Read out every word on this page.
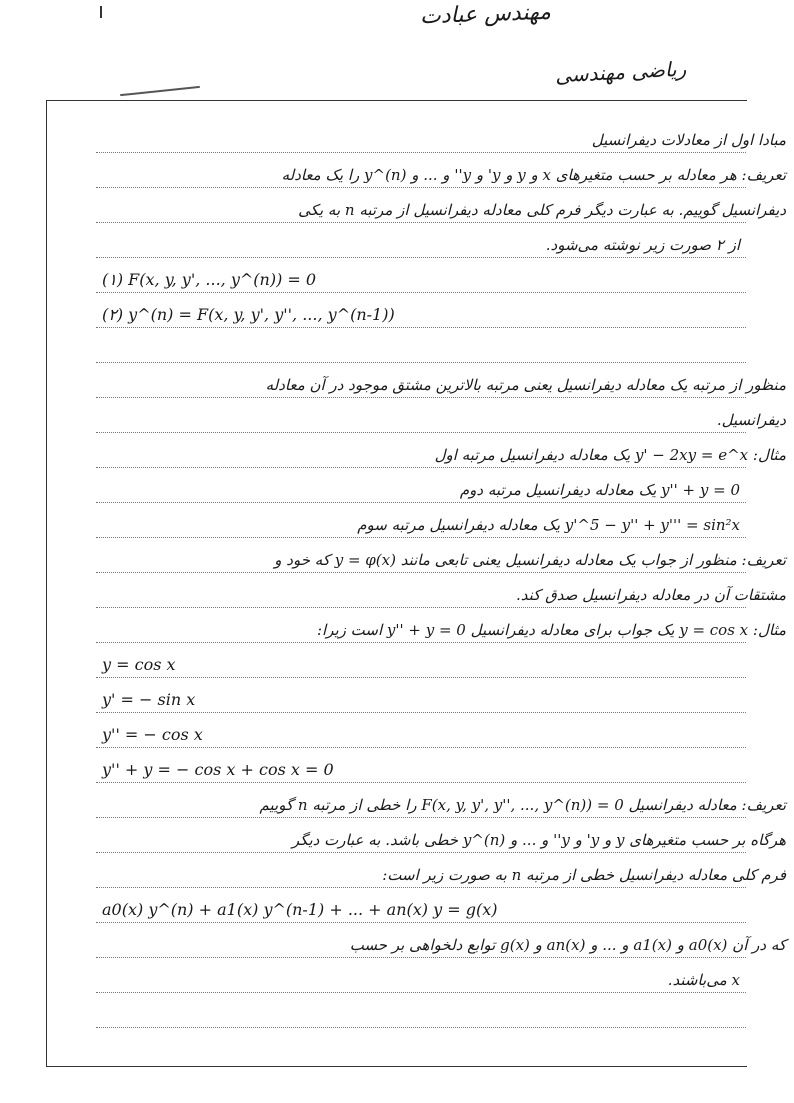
مهندس عبادت
ریاضی مهندسی
مبادا اول از معادلات دیفرانسیل
تعریف: هر معادله بر حسب متغیرهای x و y و y' و y'' و ... و y^(n) را یک معادله
دیفرانسیل گوییم. به عبارت دیگر فرم کلی معادله دیفرانسیل از مرتبه n به یکی
از ۲ صورت زیر نوشته می‌شود.
(۱) F(x, y, y', ..., y^(n)) = 0
(۲) y^(n) = F(x, y, y', y'', ..., y^(n-1))
منظور از مرتبه یک معادله دیفرانسیل یعنی مرتبه بالاترین مشتق موجود در آن معادله
دیفرانسیل.
مثال: y' − 2xy = e^x یک معادله دیفرانسیل مرتبه اول
y'' + y = 0 یک معادله دیفرانسیل مرتبه دوم
y'^5 − y'' + y''' = sin²x یک معادله دیفرانسیل مرتبه سوم
تعریف: منظور از جواب یک معادله دیفرانسیل یعنی تابعی مانند y = φ(x) که خود و
مشتقات آن در معادله دیفرانسیل صدق کند.
مثال: y = cos x یک جواب برای معادله دیفرانسیل y'' + y = 0 است زیرا:
y = cos x
y' = − sin x
y'' = − cos x
y'' + y = − cos x + cos x = 0
تعریف: معادله دیفرانسیل F(x, y, y', y'', ..., y^(n)) = 0 را خطی از مرتبه n گوییم
هرگاه بر حسب متغیرهای y و y' و y'' و ... و y^(n) خطی باشد. به عبارت دیگر
فرم کلی معادله دیفرانسیل خطی از مرتبه n به صورت زیر است:
a0(x) y^(n) + a1(x) y^(n-1) + ... + an(x) y = g(x)
که در آن a0(x) و a1(x) و ... و an(x) و g(x) توابع دلخواهی بر حسب
x می‌باشند.
